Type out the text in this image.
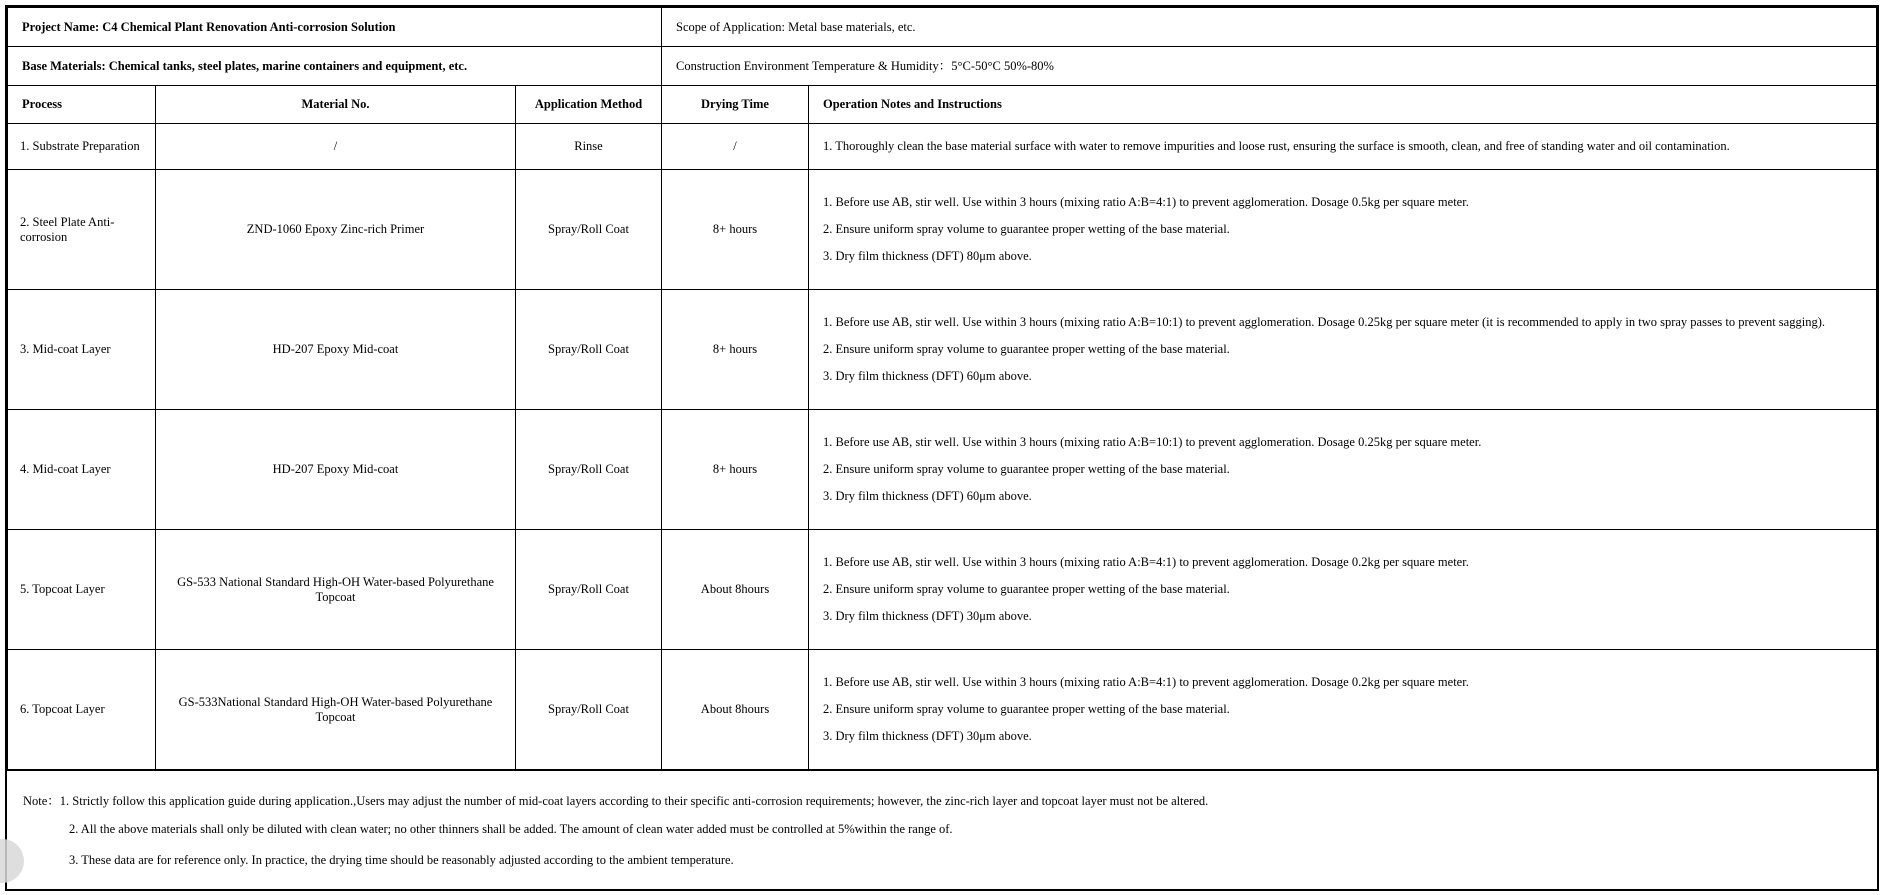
Project Name: C4 Chemical Plant Renovation Anti-corrosion Solution			Scope of Application: Metal base materials, etc.	
Base Materials: Chemical tanks, steel plates, marine containers and equipment, etc.			Construction Environment Temperature & Humidity：5°C-50°C 50%-80%	
Process	Material No.	Application Method	Drying Time	Operation Notes and Instructions
1. Substrate Preparation	/	Rinse	/	1. Thoroughly clean the base material surface with water to remove impurities and loose rust, ensuring the surface is smooth, clean, and free of standing water and oil contamination.

2. Steel Plate Anti-corrosion	ZND-1060 Epoxy Zinc-rich Primer	Spray/Roll Coat	8+ hours	1. Before use AB, stir well. Use within 3 hours (mixing ratio A:B=4:1) to prevent agglomeration. Dosage 0.5kg per square meter.
2. Ensure uniform spray volume to guarantee proper wetting of the base material.
3. Dry film thickness (DFT) 80μm above.

3. Mid-coat Layer	HD-207 Epoxy Mid-coat	Spray/Roll Coat	8+ hours	1. Before use AB, stir well. Use within 3 hours (mixing ratio A:B=10:1) to prevent agglomeration. Dosage 0.25kg per square meter (it is recommended to apply in two spray passes to prevent sagging).
2. Ensure uniform spray volume to guarantee proper wetting of the base material.
3. Dry film thickness (DFT) 60μm above.

4. Mid-coat Layer	HD-207 Epoxy Mid-coat	Spray/Roll Coat	8+ hours	1. Before use AB, stir well. Use within 3 hours (mixing ratio A:B=10:1) to prevent agglomeration. Dosage 0.25kg per square meter.
2. Ensure uniform spray volume to guarantee proper wetting of the base material.
3. Dry film thickness (DFT) 60μm above.

5. Topcoat Layer	GS-533 National Standard High-OH Water-based Polyurethane Topcoat	Spray/Roll Coat	About 8hours	1. Before use AB, stir well. Use within 3 hours (mixing ratio A:B=4:1) to prevent agglomeration. Dosage 0.2kg per square meter.
2. Ensure uniform spray volume to guarantee proper wetting of the base material.
3. Dry film thickness (DFT) 30μm above.

6. Topcoat Layer	GS-533National Standard High-OH Water-based Polyurethane Topcoat	Spray/Roll Coat	About 8hours	1. Before use AB, stir well. Use within 3 hours (mixing ratio A:B=4:1) to prevent agglomeration. Dosage 0.2kg per square meter.
2. Ensure uniform spray volume to guarantee proper wetting of the base material.
3. Dry film thickness (DFT) 30μm above.
Note：1. Strictly follow this application guide during application.,Users may adjust the number of mid-coat layers according to their specific anti-corrosion requirements; however, the zinc-rich layer and topcoat layer must not be altered.
2. All the above materials shall only be diluted with clean water; no other thinners shall be added. The amount of clean water added must be controlled at 5%within the range of.
3. These data are for reference only. In practice, the drying time should be reasonably adjusted according to the ambient temperature.
